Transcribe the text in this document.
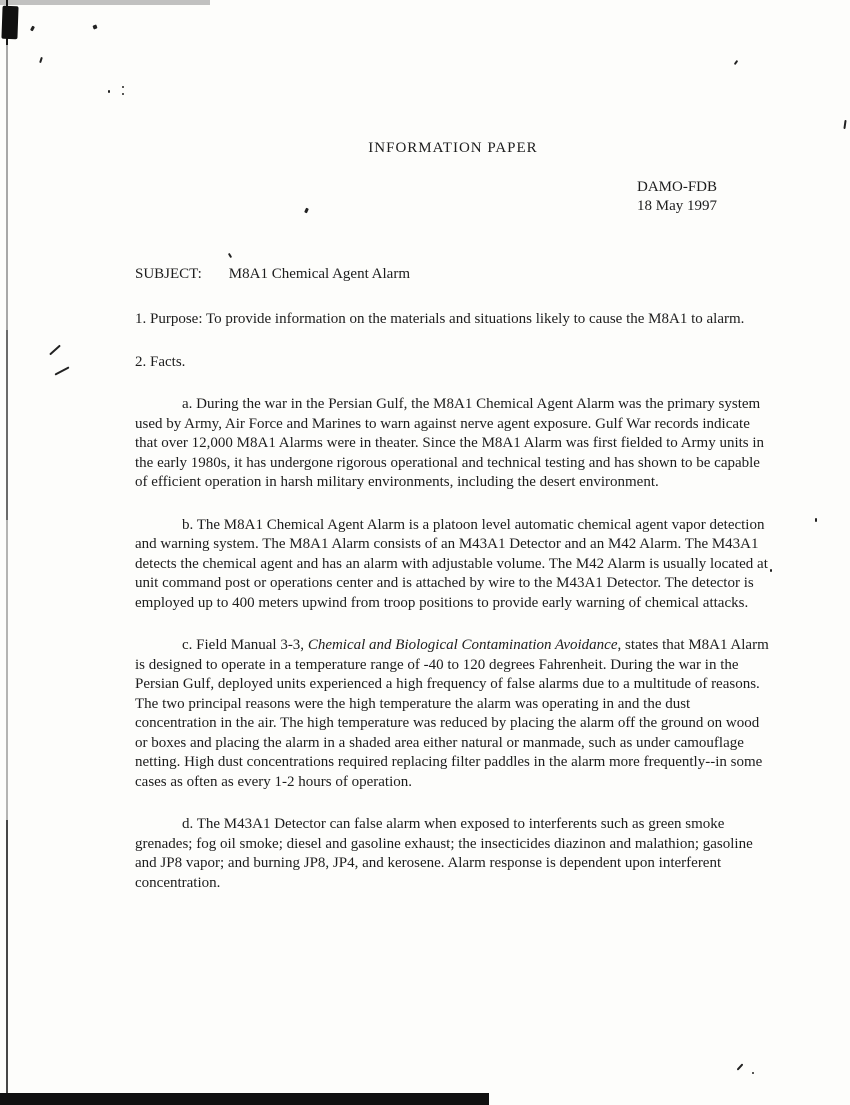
INFORMATION PAPER
DAMO-FDB
18 May 1997
SUBJECT: M8A1 Chemical Agent Alarm

1. Purpose: To provide information on the materials and situations likely to cause the M8A1 to alarm.

2. Facts.

a. During the war in the Persian Gulf, the M8A1 Chemical Agent Alarm was the primary system used by Army, Air Force and Marines to warn against nerve agent exposure. Gulf War records indicate that over 12,000 M8A1 Alarms were in theater. Since the M8A1 Alarm was first fielded to Army units in the early 1980s, it has undergone rigorous operational and technical testing and has shown to be capable of efficient operation in harsh military environments, including the desert environment.

b. The M8A1 Chemical Agent Alarm is a platoon level automatic chemical agent vapor detection and warning system. The M8A1 Alarm consists of an M43A1 Detector and an M42 Alarm. The M43A1 detects the chemical agent and has an alarm with adjustable volume. The M42 Alarm is usually located at unit command post or operations center and is attached by wire to the M43A1 Detector. The detector is employed up to 400 meters upwind from troop positions to provide early warning of chemical attacks.

c. Field Manual 3-3, Chemical and Biological Contamination Avoidance, states that M8A1 Alarm is designed to operate in a temperature range of -40 to 120 degrees Fahrenheit. During the war in the Persian Gulf, deployed units experienced a high frequency of false alarms due to a multitude of reasons. The two principal reasons were the high temperature the alarm was operating in and the dust concentration in the air. The high temperature was reduced by placing the alarm off the ground on wood or boxes and placing the alarm in a shaded area either natural or manmade, such as under camouflage netting. High dust concentrations required replacing filter paddles in the alarm more frequently--in some cases as often as every 1-2 hours of operation.

d. The M43A1 Detector can false alarm when exposed to interferents such as green smoke grenades; fog oil smoke; diesel and gasoline exhaust; the insecticides diazinon and malathion; gasoline and JP8 vapor; and burning JP8, JP4, and kerosene. Alarm response is dependent upon interferent concentration.
